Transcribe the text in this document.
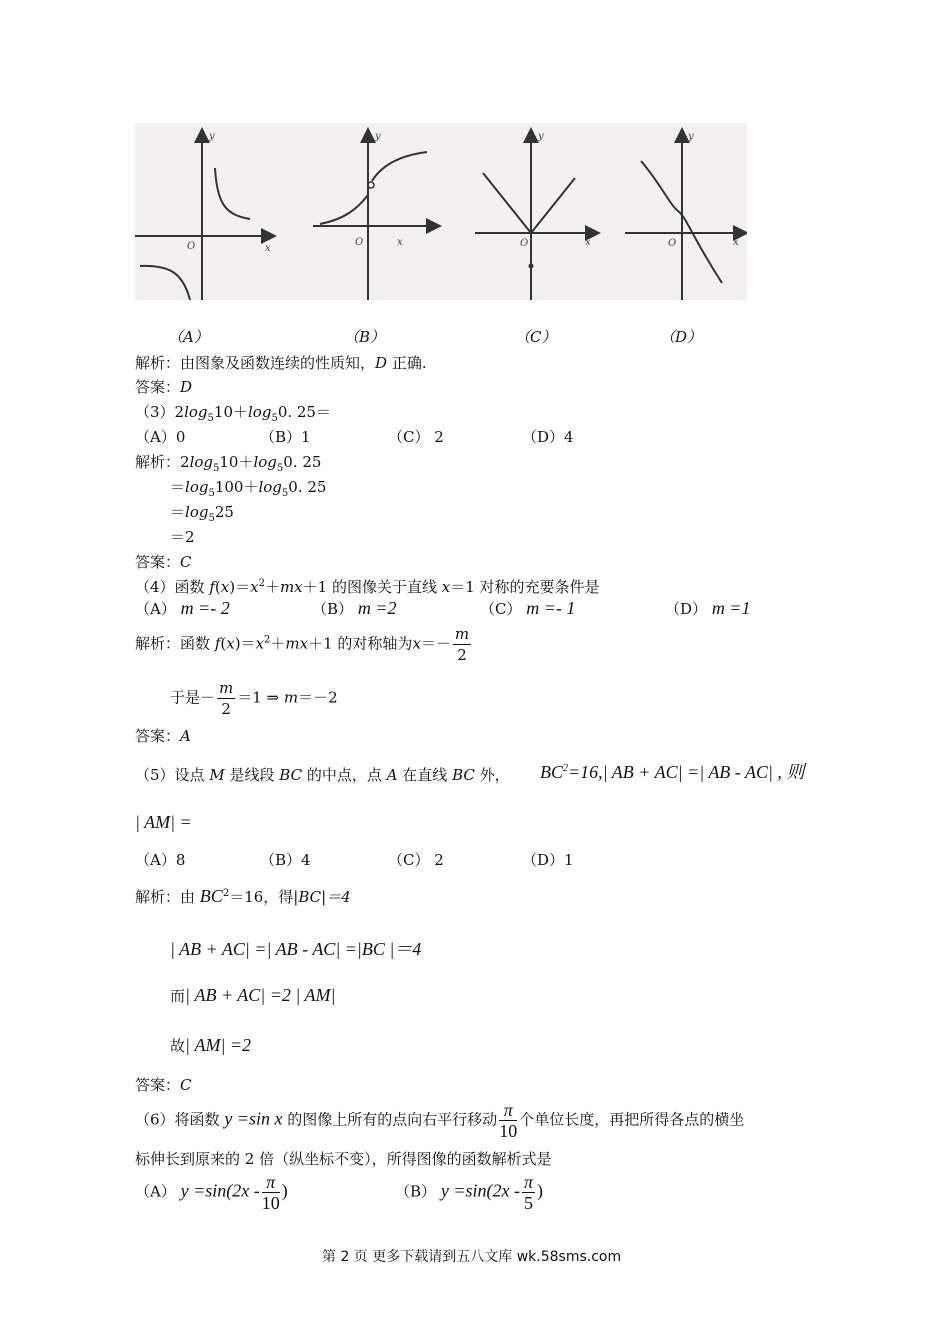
y
x
O
y
x
O
y
x
O
y
x
O
（A）	（B）	（C）	（D）
解析：由图象及函数连续的性质知，D 正确.
答案：D
$(3)2\log_510+\log_50$. 25＝
（A）0	（B）1	（C） 2	（D）4
解析：$2\log_510+\log_50$. 25
$=\log_5100+\log_50$. 25
$=\log_525$
＝2
答案：C
（4）函数 $f(x)=x^2+mx+1$ 的图像关于直线 x＝1 对称的充要条件是
（A） m =- 2	（B） m =2	（C） m =- 1	（D） m =1
解析：函数 $f(x)=x^2+mx+1$ 的对称轴为$x=- \frac{m}{2}$
于是－ $\frac{m}{2} =1$ ⇒ m＝－2
答案：A
（5）设点 M 是线段 BC 的中点，点 A 在直线 BC 外， $BC^2=16,|$ AB + AC| =| AB - AC| , 则
| AM| =
（A）8	（B）4	（C） 2	（D）1
解析：由 $BC^2=16$，得|BC|＝4
| AB + AC| =| AB - AC| =|BC |＝4
而| AB + AC| =2 | AM|
故| AM| =2
答案：C
（6）将函数 y =sin x 的图像上所有的点向右平行移动 $\frac{\pi}{10}$ 个单位长度，再把所得各点的横坐
标伸长到原来的 2 倍（纵坐标不变），所得图像的函数解析式是
（A） $y =\sin(2x - \frac{\pi}{10}$ )	（B） $y =\sin(2x - \frac{\pi}{5}$ )
第 2 页 更多下载请到五八文库 wk.58sms.com
